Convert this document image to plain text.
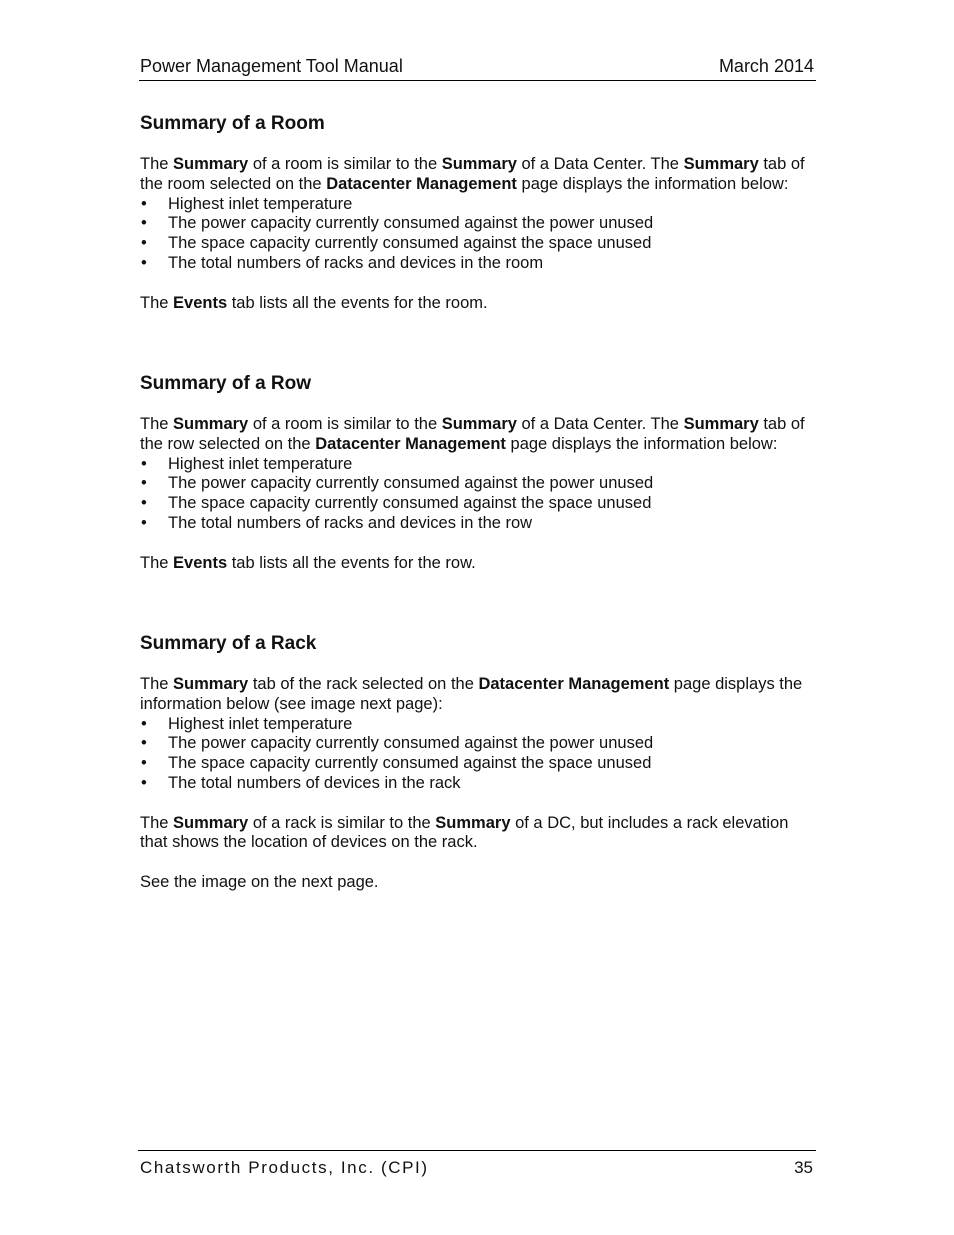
Power Management Tool Manual	March 2014
Summary of a Room

The Summary of a room is similar to the Summary of a Data Center. The Summary tab of the room selected on the Datacenter Management page displays the information below:

• Highest inlet temperature
• The power capacity currently consumed against the power unused
• The space capacity currently consumed against the space unused
• The total numbers of racks and devices in the room

The Events tab lists all the events for the room.

Summary of a Row

The Summary of a room is similar to the Summary of a Data Center. The Summary tab of the row selected on the Datacenter Management page displays the information below:

• Highest inlet temperature
• The power capacity currently consumed against the power unused
• The space capacity currently consumed against the space unused
• The total numbers of racks and devices in the row

The Events tab lists all the events for the row.

Summary of a Rack

The Summary tab of the rack selected on the Datacenter Management page displays the information below (see image next page):

• Highest inlet temperature
• The power capacity currently consumed against the power unused
• The space capacity currently consumed against the space unused
• The total numbers of devices in the rack

The Summary of a rack is similar to the Summary of a DC, but includes a rack elevation that shows the location of devices on the rack.

See the image on the next page.

Chatsworth Products, Inc. (CPI)	35
